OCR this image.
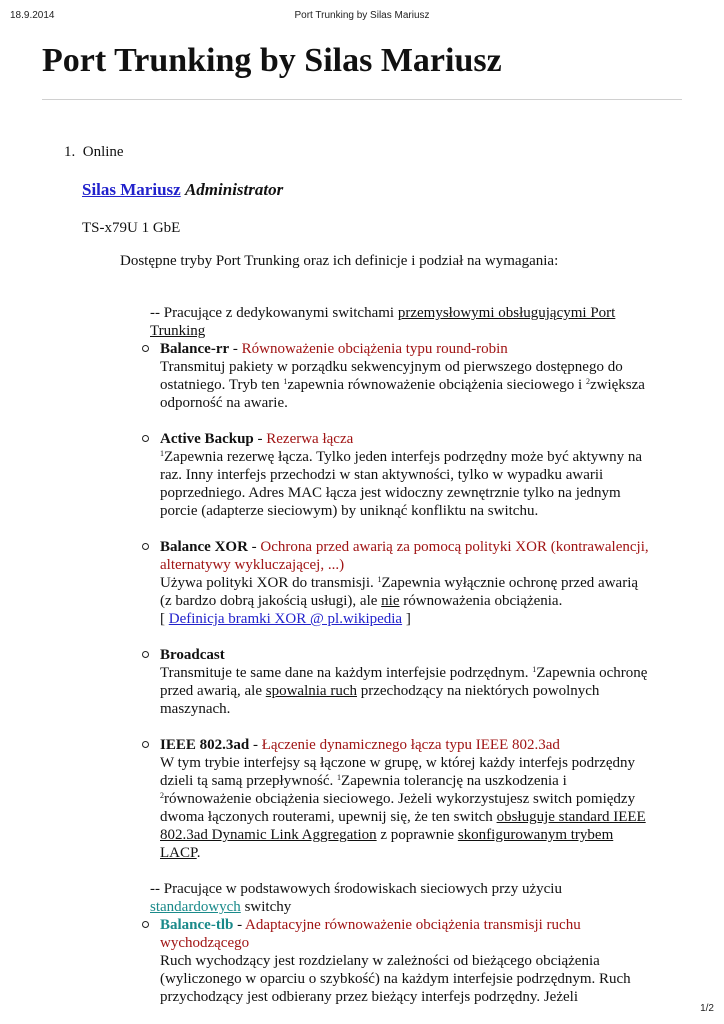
18.9.2014	Port Trunking by Silas Mariusz
Port Trunking by Silas Mariusz
1. Online
Silas Mariusz Administrator
TS-x79U 1 GbE
Dostępne tryby Port Trunking oraz ich definicje i podział na wymagania:

-- Pracujące z dedykowanymi switchami przemysłowymi obsługującymi Port Trunking

Balance-rr - Równoważenie obciążenia typu round-robin
Transmituj pakiety w porządku sekwencyjnym od pierwszego dostępnego do ostatniego. Tryb ten $^1$zapewnia równoważenie obciążenia sieciowego i $^2$zwiększa odporność na awarie.
Active Backup - Rezerwa łącza
$^1$Zapewnia rezerwę łącza. Tylko jeden interfejs podrzędny może być aktywny na raz. Inny interfejs przechodzi w stan aktywności, tylko w wypadku awarii poprzedniego. Adres MAC łącza jest widoczny zewnętrznie tylko na jednym porcie (adapterze sieciowym) by uniknąć konfliktu na switchu.
Balance XOR - Ochrona przed awarią za pomocą polityki XOR (kontrawalencji, alternatywy wykluczającej, ...)
Używa polityki XOR do transmisji. $^1$Zapewnia wyłącznie ochronę przed awarią (z bardzo dobrą jakością usługi), ale nie równoważenia obciążenia.
[ Definicja bramki XOR @ pl.wikipedia ]
Broadcast
Transmituje te same dane na każdym interfejsie podrzędnym. $^1$Zapewnia ochronę przed awarią, ale spowalnia ruch przechodzący na niektórych powolnych maszynach.
IEEE 802.3ad - Łączenie dynamicznego łącza typu IEEE 802.3ad
W tym trybie interfejsy są łączone w grupę, w której każdy interfejs podrzędny dzieli tą samą przepływność. $^1$Zapewnia tolerancję na uszkodzenia i $^2$równoważenie obciążenia sieciowego. Jeżeli wykorzystujesz switch pomiędzy dwoma łączonych routerami, upewnij się, że ten switch obsługuje standard IEEE 802.3ad Dynamic Link Aggregation z poprawnie skonfigurowanym trybem LACP.

-- Pracujące w podstawowych środowiskach sieciowych przy użyciu standardowych switchy

Balance-tlb - Adaptacyjne równoważenie obciążenia transmisji ruchu wychodzącego
Ruch wychodzący jest rozdzielany w zależności od bieżącego obciążenia (wyliczonego w oparciu o szybkość) na każdym interfejsie podrzędnym. Ruch przychodzący jest odbierany przez bieżący interfejs podrzędny. Jeżeli
1/2
